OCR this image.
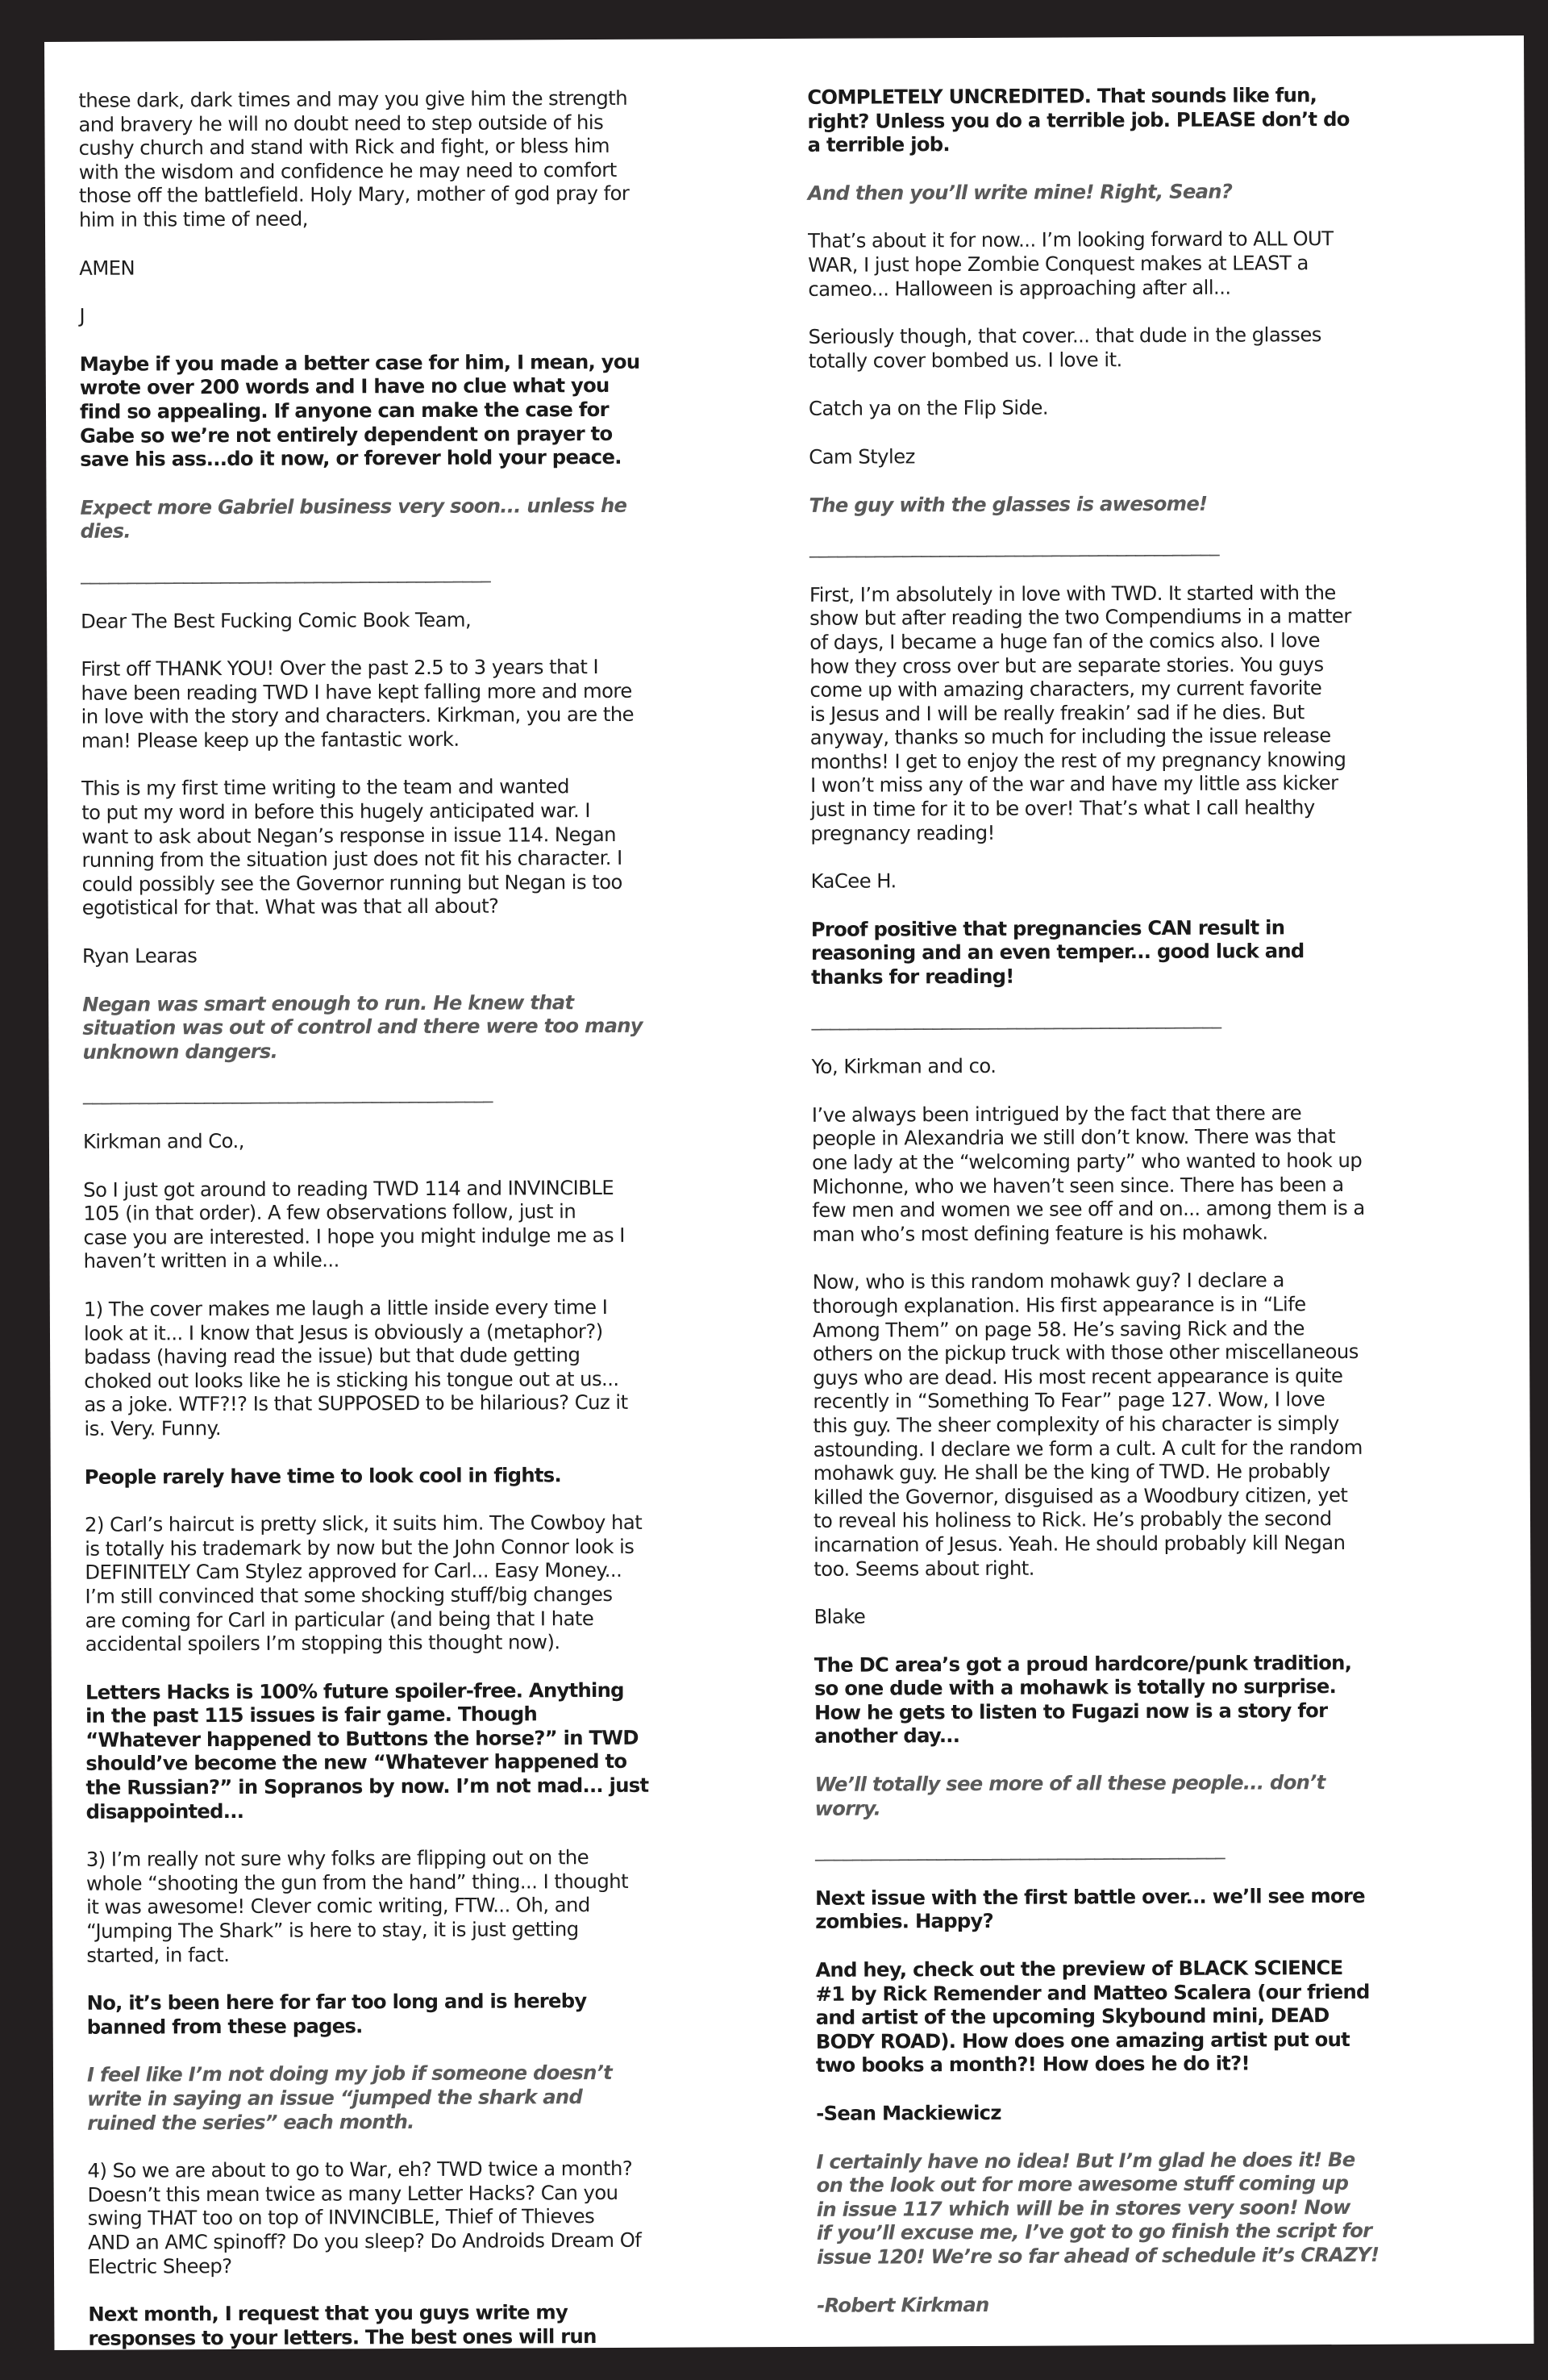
these dark, dark times and may you give him the strength
and bravery he will no doubt need to step outside of his
cushy church and stand with Rick and fight, or bless him
with the wisdom and confidence he may need to comfort
those off the battlefield. Holy Mary, mother of god pray for
him in this time of need,
AMEN
J
Maybe if you made a better case for him, I mean, you
wrote over 200 words and I have no clue what you
find so appealing. If anyone can make the case for
Gabe so we’re not entirely dependent on prayer to
save his ass...do it now, or forever hold your peace.
Expect more Gabriel business very soon... unless he
dies.
____________________________________________
Dear The Best Fucking Comic Book Team,
First off THANK YOU! Over the past 2.5 to 3 years that I
have been reading TWD I have kept falling more and more
in love with the story and characters. Kirkman, you are the
man! Please keep up the fantastic work.
This is my first time writing to the team and wanted
to put my word in before this hugely anticipated war. I
want to ask about Negan’s response in issue 114. Negan
running from the situation just does not fit his character. I
could possibly see the Governor running but Negan is too
egotistical for that. What was that all about?
Ryan Learas
Negan was smart enough to run. He knew that
situation was out of control and there were too many
unknown dangers.
____________________________________________
Kirkman and Co.,
So I just got around to reading TWD 114 and INVINCIBLE
105 (in that order). A few observations follow, just in
case you are interested. I hope you might indulge me as I
haven’t written in a while...
1) The cover makes me laugh a little inside every time I
look at it... I know that Jesus is obviously a (metaphor?)
badass (having read the issue) but that dude getting
choked out looks like he is sticking his tongue out at us...
as a joke. WTF?!? Is that SUPPOSED to be hilarious? Cuz it
is. Very. Funny.
People rarely have time to look cool in fights.
2) Carl’s haircut is pretty slick, it suits him. The Cowboy hat
is totally his trademark by now but the John Connor look is
DEFINITELY Cam Stylez approved for Carl... Easy Money...
I’m still convinced that some shocking stuff/big changes
are coming for Carl in particular (and being that I hate
accidental spoilers I’m stopping this thought now).
Letters Hacks is 100% future spoiler-free. Anything
in the past 115 issues is fair game. Though
“Whatever happened to Buttons the horse?” in TWD
should’ve become the new “Whatever happened to
the Russian?” in Sopranos by now. I’m not mad... just
disappointed...
3) I’m really not sure why folks are flipping out on the
whole “shooting the gun from the hand” thing... I thought
it was awesome! Clever comic writing, FTW... Oh, and
“Jumping The Shark” is here to stay, it is just getting
started, in fact.
No, it’s been here for far too long and is hereby
banned from these pages.
I feel like I’m not doing my job if someone doesn’t
write in saying an issue “jumped the shark and
ruined the series” each month.
4) So we are about to go to War, eh? TWD twice a month?
Doesn’t this mean twice as many Letter Hacks? Can you
swing THAT too on top of INVINCIBLE, Thief of Thieves
AND an AMC spinoff? Do you sleep? Do Androids Dream Of
Electric Sheep?
Next month, I request that you guys write my
responses to your letters. The best ones will run
COMPLETELY UNCREDITED. That sounds like fun,
right? Unless you do a terrible job. PLEASE don’t do
a terrible job.
And then you’ll write mine! Right, Sean?
That’s about it for now... I’m looking forward to ALL OUT
WAR, I just hope Zombie Conquest makes at LEAST a
cameo... Halloween is approaching after all...
Seriously though, that cover... that dude in the glasses
totally cover bombed us. I love it.
Catch ya on the Flip Side.
Cam Stylez
The guy with the glasses is awesome!
____________________________________________
First, I’m absolutely in love with TWD. It started with the
show but after reading the two Compendiums in a matter
of days, I became a huge fan of the comics also. I love
how they cross over but are separate stories. You guys
come up with amazing characters, my current favorite
is Jesus and I will be really freakin’ sad if he dies. But
anyway, thanks so much for including the issue release
months! I get to enjoy the rest of my pregnancy knowing
I won’t miss any of the war and have my little ass kicker
just in time for it to be over! That’s what I call healthy
pregnancy reading!
KaCee H.
Proof positive that pregnancies CAN result in
reasoning and an even temper... good luck and
thanks for reading!
____________________________________________
Yo, Kirkman and co.
I’ve always been intrigued by the fact that there are
people in Alexandria we still don’t know. There was that
one lady at the “welcoming party” who wanted to hook up
Michonne, who we haven’t seen since. There has been a
few men and women we see off and on... among them is a
man who’s most defining feature is his mohawk.
Now, who is this random mohawk guy? I declare a
thorough explanation. His first appearance is in “Life
Among Them” on page 58. He’s saving Rick and the
others on the pickup truck with those other miscellaneous
guys who are dead. His most recent appearance is quite
recently in “Something To Fear” page 127. Wow, I love
this guy. The sheer complexity of his character is simply
astounding. I declare we form a cult. A cult for the random
mohawk guy. He shall be the king of TWD. He probably
killed the Governor, disguised as a Woodbury citizen, yet
to reveal his holiness to Rick. He’s probably the second
incarnation of Jesus. Yeah. He should probably kill Negan
too. Seems about right.
Blake
The DC area’s got a proud hardcore/punk tradition,
so one dude with a mohawk is totally no surprise.
How he gets to listen to Fugazi now is a story for
another day...
We’ll totally see more of all these people... don’t
worry.
____________________________________________
Next issue with the first battle over... we’ll see more
zombies. Happy?
And hey, check out the preview of BLACK SCIENCE
#1 by Rick Remender and Matteo Scalera (our friend
and artist of the upcoming Skybound mini, DEAD
BODY ROAD). How does one amazing artist put out
two books a month?! How does he do it?!
-Sean Mackiewicz
I certainly have no idea! But I’m glad he does it! Be
on the look out for more awesome stuff coming up
in issue 117 which will be in stores very soon! Now
if you’ll excuse me, I’ve got to go finish the script for
issue 120! We’re so far ahead of schedule it’s CRAZY!
-Robert Kirkman
